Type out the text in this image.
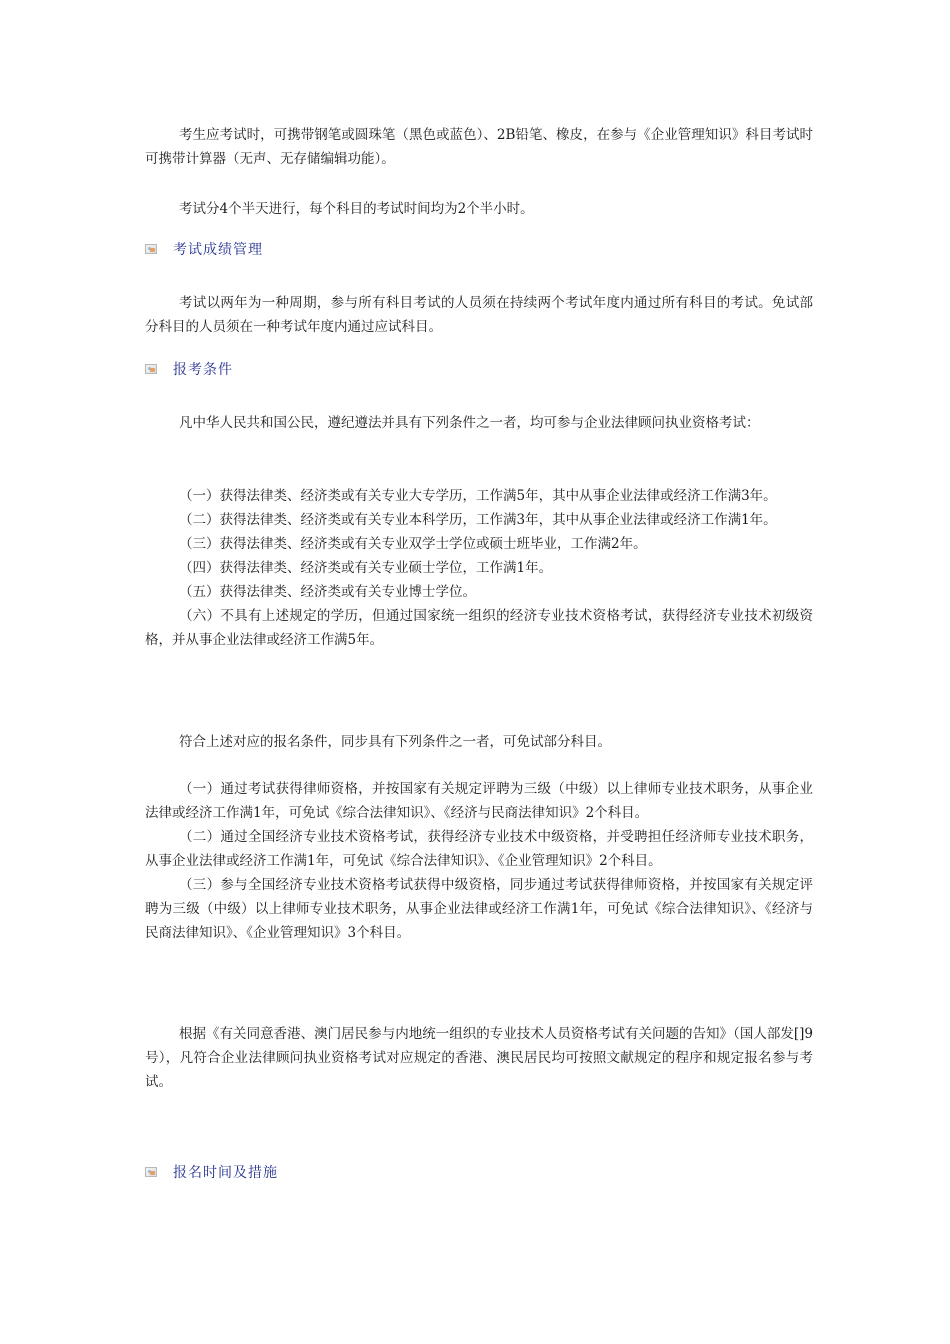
考生应考试时，可携带钢笔或圆珠笔（黑色或蓝色）、2B铅笔、橡皮，在参与《企业管理知识》科目考试时可携带计算器（无声、无存储编辑功能）。

考试分4个半天进行，每个科目的考试时间均为2个半小时。

考试成绩管理

考试以两年为一种周期，参与所有科目考试的人员须在持续两个考试年度内通过所有科目的考试。免试部分科目的人员须在一种考试年度内通过应试科目。

报考条件

凡中华人民共和国公民，遵纪遵法并具有下列条件之一者，均可参与企业法律顾问执业资格考试：

（一）获得法律类、经济类或有关专业大专学历，工作满5年，其中从事企业法律或经济工作满3年。

（二）获得法律类、经济类或有关专业本科学历，工作满3年，其中从事企业法律或经济工作满1年。

（三）获得法律类、经济类或有关专业双学士学位或硕士班毕业，工作满2年。

（四）获得法律类、经济类或有关专业硕士学位，工作满1年。

（五）获得法律类、经济类或有关专业博士学位。

（六）不具有上述规定的学历，但通过国家统一组织的经济专业技术资格考试，获得经济专业技术初级资格，并从事企业法律或经济工作满5年。

符合上述对应的报名条件，同步具有下列条件之一者，可免试部分科目。

（一）通过考试获得律师资格，并按国家有关规定评聘为三级（中级）以上律师专业技术职务，从事企业法律或经济工作满1年，可免试《综合法律知识》、《经济与民商法律知识》2个科目。

（二）通过全国经济专业技术资格考试，获得经济专业技术中级资格，并受聘担任经济师专业技术职务，从事企业法律或经济工作满1年，可免试《综合法律知识》、《企业管理知识》2个科目。

（三）参与全国经济专业技术资格考试获得中级资格，同步通过考试获得律师资格，并按国家有关规定评聘为三级（中级）以上律师专业技术职务，从事企业法律或经济工作满1年，可免试《综合法律知识》、《经济与民商法律知识》、《企业管理知识》3个科目。

根据《有关同意香港、澳门居民参与内地统一组织的专业技术人员资格考试有关问题的告知》（国人部发[]9号），凡符合企业法律顾问执业资格考试对应规定的香港、澳民居民均可按照文献规定的程序和规定报名参与考试。

报名时间及措施
